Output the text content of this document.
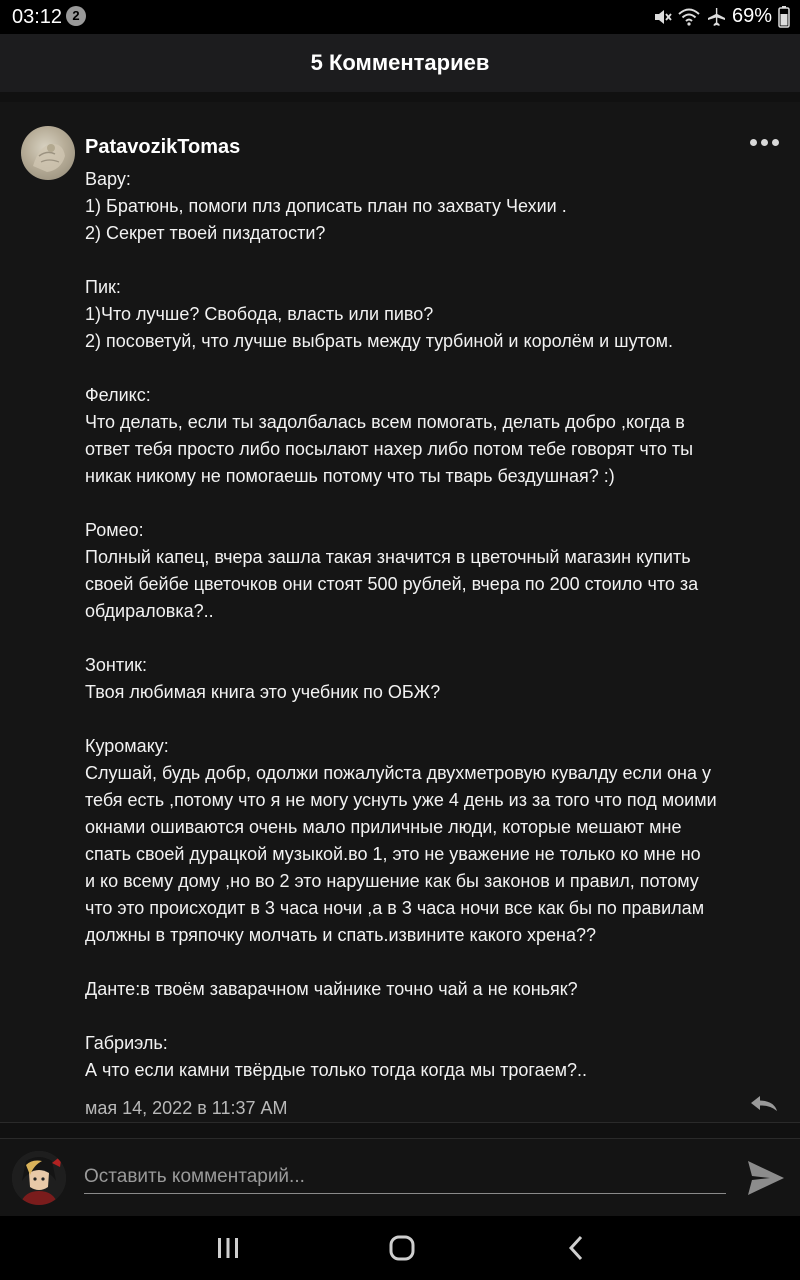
03:12 2	69%
5 Комментариев
PatavozikTomas
Вару:
1) Братюнь, помоги плз дописать план по захвату Чехии .
2) Секрет твоей пиздатости?
Пик:
1)Что лучше? Свобода, власть или пиво?
2) посоветуй, что лучше выбрать между турбиной и королём и шутом.
Феликс:
Что делать, если ты задолбалась всем помогать, делать добро ,когда в
ответ тебя просто либо посылают нахер либо потом тебе говорят что ты
никак никому не помогаешь потому что ты тварь бездушная? :)
Ромео:
Полный капец, вчера зашла такая значится в цветочный магазин купить
своей бейбе цветочков они стоят 500 рублей, вчера по 200 стоило что за
обдираловка?..
Зонтик:
Твоя любимая книга это учебник по ОБЖ?
Куромаку:
Слушай, будь добр, одолжи пожалуйста двухметровую кувалду если она у
тебя есть ,потому что я не могу уснуть уже 4 день из за того что под моими
окнами ошиваются очень мало приличные люди, которые мешают мне
спать своей дурацкой музыкой.во 1, это не уважение не только ко мне но
и ко всему дому ,но во 2 это нарушение как бы законов и правил, потому
что это происходит в 3 часа ночи ,а в 3 часа ночи все как бы по правилам
должны в тряпочку молчать и спать.извините какого хрена??
Данте:в твоём заварачном чайнике точно чай а не коньяк?
Габриэль:
А что если камни твёрдые только тогда когда мы трогаем?..
мая 14, 2022 в 11:37 AM
Оставить комментарий...
